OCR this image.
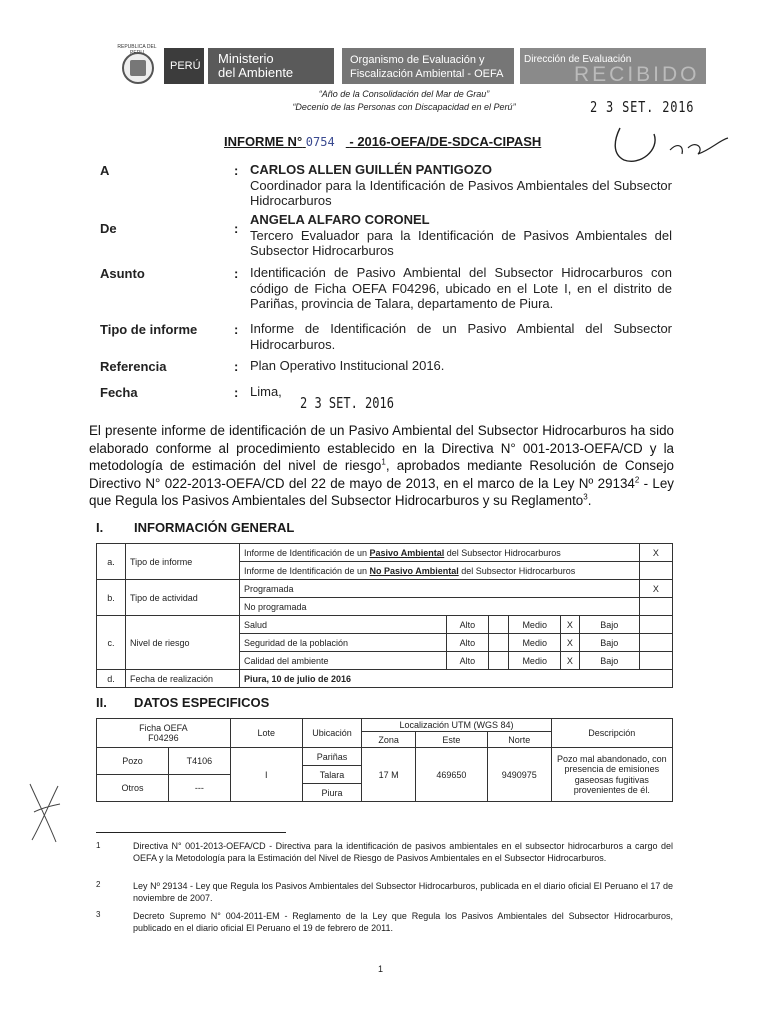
REPUBLICA DEL
PERÚ Ministerio
del Ambiente
Organismo de Evaluación y
Fiscalización Ambiental - OEFA
Dirección de Evaluación
RECIBIDO
“Año de la Consolidación del Mar de Grau”
“Decenio de las Personas con Discapacidad en el Perú”	2 3 SET. 2016
INFORME N° 0754 - 2016-OEFA/DE-SDCA-CIPASH
A	: CARLOS ALLEN GUILLÉN PANTIGOZO
Coordinador para la Identificación de Pasivos Ambientales del Subsector Hidrocarburos
De	:
ANGELA ALFARO CORONEL
Tercero Evaluador para la Identificación de Pasivos Ambientales del Subsector Hidrocarburos
Asunto	: Identificación de Pasivo Ambiental del Subsector Hidrocarburos con código de Ficha OEFA F04296, ubicado en el Lote I, en el distrito de Pariñas, provincia de Talara, departamento de Piura.
Tipo de informe	: Informe de Identificación de un Pasivo Ambiental del Subsector Hidrocarburos.
Referencia	: Plan Operativo Institucional 2016.
Fecha	: Lima,
2 3 SET. 2016
El presente informe de identificación de un Pasivo Ambiental del Subsector Hidrocarburos ha sido elaborado conforme al procedimiento establecido en la Directiva N° 001-2013-OEFA/CD y la metodología de estimación del nivel de riesgo$^1$, aprobados mediante Resolución de Consejo Directivo N° 022-2013-OEFA/CD del 22 de mayo de 2013, en el marco de la Ley Nº 29134$^2$ - Ley que Regula los Pasivos Ambientales del Subsector Hidrocarburos y su Reglamento$^3$.
I. INFORMACIÓN GENERAL
a.	Tipo de informe	Informe de Identificación de un Pasivo Ambiental del Subsector Hidrocarburos						X
		Informe de Identificación de un No Pasivo Ambiental del Subsector Hidrocarburos						
b.	Tipo de actividad	Programada						X
		No programada						
c.	Nivel de riesgo	Salud	Alto		Medio	X	Bajo	
		Seguridad de la población	Alto		Medio	X	Bajo	
		Calidad del ambiente	Alto		Medio	X	Bajo	
d.	Fecha de realización	Piura, 10 de julio de 2016						
II. DATOS ESPECIFICOS
Ficha OEFA
F04296		Lote	Ubicación	Localización UTM (WGS 84)			Descripción
				Zona	Este	Norte	
Pozo	T4106	I	Pariñas	17 M	469650	9490975	Pozo mal abandonado, con presencia de emisiones gaseosas fugitivas provenientes de él.
			Talara				
Otros	---						
			Piura				

1	Directiva N° 001-2013-OEFA/CD - Directiva para la identificación de pasivos ambientales en el subsector hidrocarburos a cargo del OEFA y la Metodología para la Estimación del Nivel de Riesgo de Pasivos Ambientales en el Subsector Hidrocarburos.
2	Ley Nº 29134 - Ley que Regula los Pasivos Ambientales del Subsector Hidrocarburos, publicada en el diario oficial El Peruano el 17 de noviembre de 2007.
3	Decreto Supremo N° 004-2011-EM - Reglamento de la Ley que Regula los Pasivos Ambientales del Subsector Hidrocarburos, publicado en el diario oficial El Peruano el 19 de febrero de 2011.
1
